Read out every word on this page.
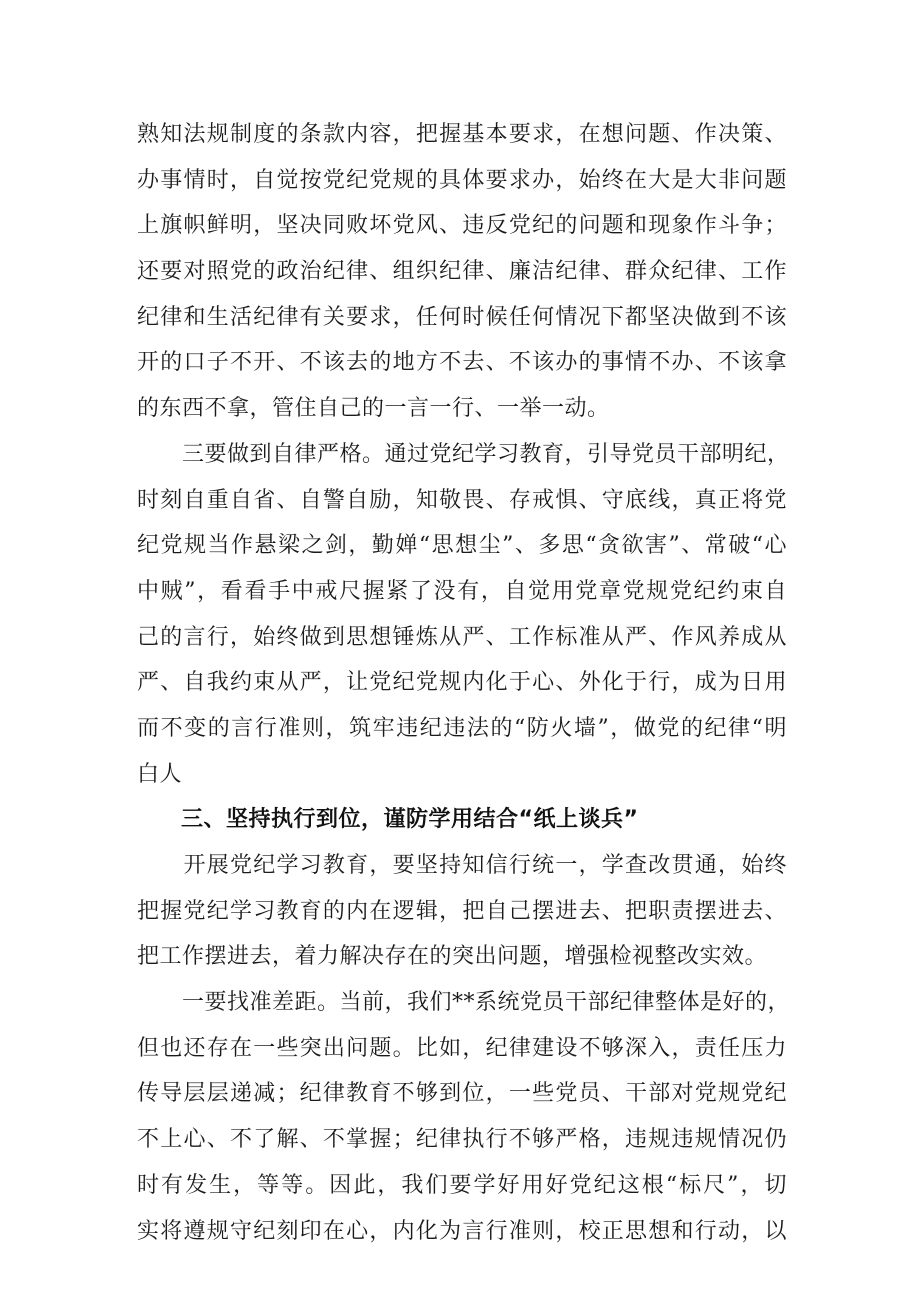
熟知法规制度的条款内容，把握基本要求，在想问题、作决策、
办事情时，自觉按党纪党规的具体要求办，始终在大是大非问题
上旗帜鲜明，坚决同败坏党风、违反党纪的问题和现象作斗争；
还要对照党的政治纪律、组织纪律、廉洁纪律、群众纪律、工作
纪律和生活纪律有关要求，任何时候任何情况下都坚决做到不该
开的口子不开、不该去的地方不去、不该办的事情不办、不该拿
的东西不拿，管住自己的一言一行、一举一动。
　　三要做到自律严格。通过党纪学习教育，引导党员干部明纪，
时刻自重自省、自警自励，知敬畏、存戒惧、守底线，真正将党
纪党规当作悬梁之剑，勤婵“思想尘”、多思“贪欲害”、常破“心
中贼”，看看手中戒尺握紧了没有，自觉用党章党规党纪约束自
己的言行，始终做到思想锤炼从严、工作标准从严、作风养成从
严、自我约束从严，让党纪党规内化于心、外化于行，成为日用
而不变的言行准则，筑牢违纪违法的“防火墙”，做党的纪律“明
白人
三、坚持执行到位，谨防学用结合“纸上谈兵”
　　开展党纪学习教育，要坚持知信行统一，学查改贯通，始终
把握党纪学习教育的内在逻辑，把自己摆进去、把职责摆进去、
把工作摆进去，着力解决存在的突出问题，增强检视整改实效。
　　一要找准差距。当前，我们**系统党员干部纪律整体是好的，
但也还存在一些突出问题。比如，纪律建设不够深入，责任压力
传导层层递减；纪律教育不够到位，一些党员、干部对党规党纪
不上心、不了解、不掌握；纪律执行不够严格，违规违规情况仍
时有发生，等等。因此，我们要学好用好党纪这根“标尺”，切
实将遵规守纪刻印在心，内化为言行准则，校正思想和行动，以
